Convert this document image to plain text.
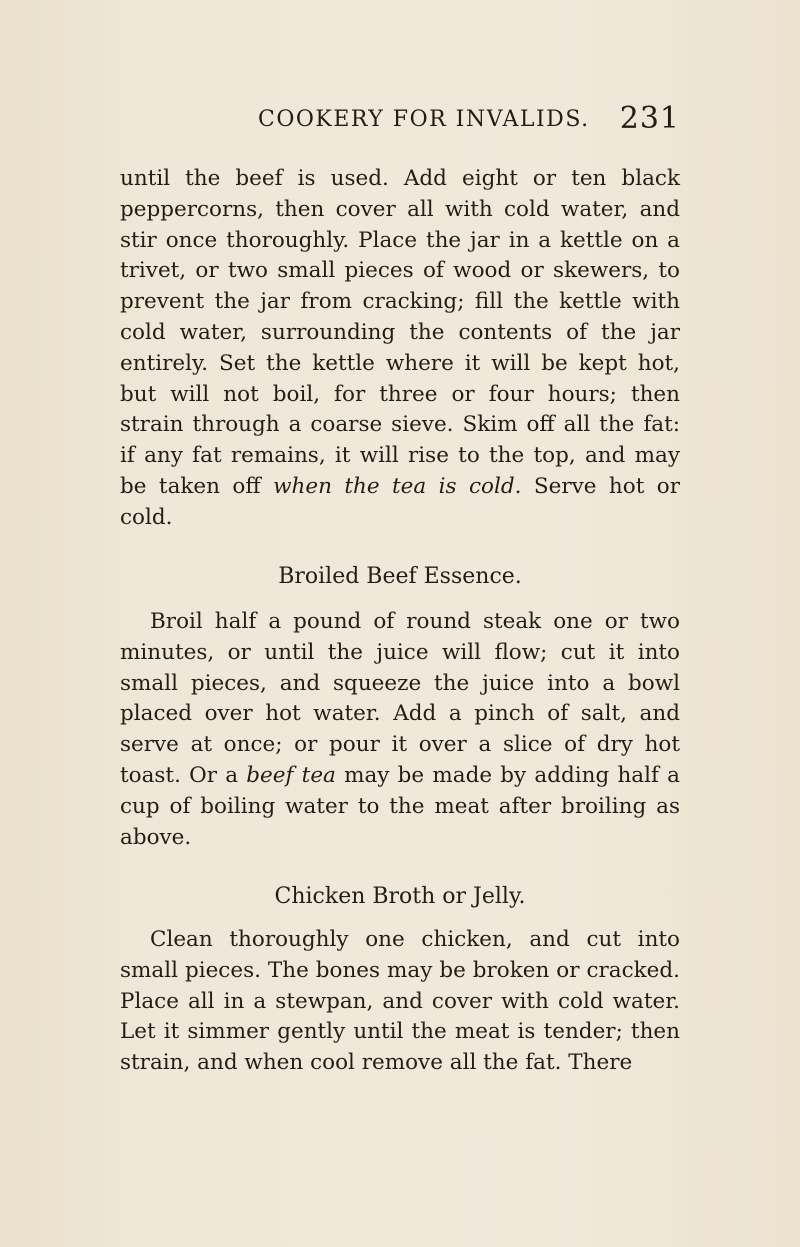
COOKERY FOR INVALIDS. 231

until the beef is used. Add eight or ten black peppercorns, then cover all with cold water, and stir once thoroughly. Place the jar in a kettle on a trivet, or two small pieces of wood or skewers, to prevent the jar from cracking; fill the kettle with cold water, surrounding the contents of the jar entirely. Set the kettle where it will be kept hot, but will not boil, for three or four hours; then strain through a coarse sieve. Skim off all the fat: if any fat remains, it will rise to the top, and may be taken off when the tea is cold. Serve hot or cold.

Broiled Beef Essence.

Broil half a pound of round steak one or two minutes, or until the juice will flow; cut it into small pieces, and squeeze the juice into a bowl placed over hot water. Add a pinch of salt, and serve at once; or pour it over a slice of dry hot toast. Or a beef tea may be made by adding half a cup of boiling water to the meat after broiling as above.

Chicken Broth or Jelly.

Clean thoroughly one chicken, and cut into small pieces. The bones may be broken or cracked. Place all in a stewpan, and cover with cold water. Let it simmer gently until the meat is tender; then strain, and when cool remove all the fat. There
